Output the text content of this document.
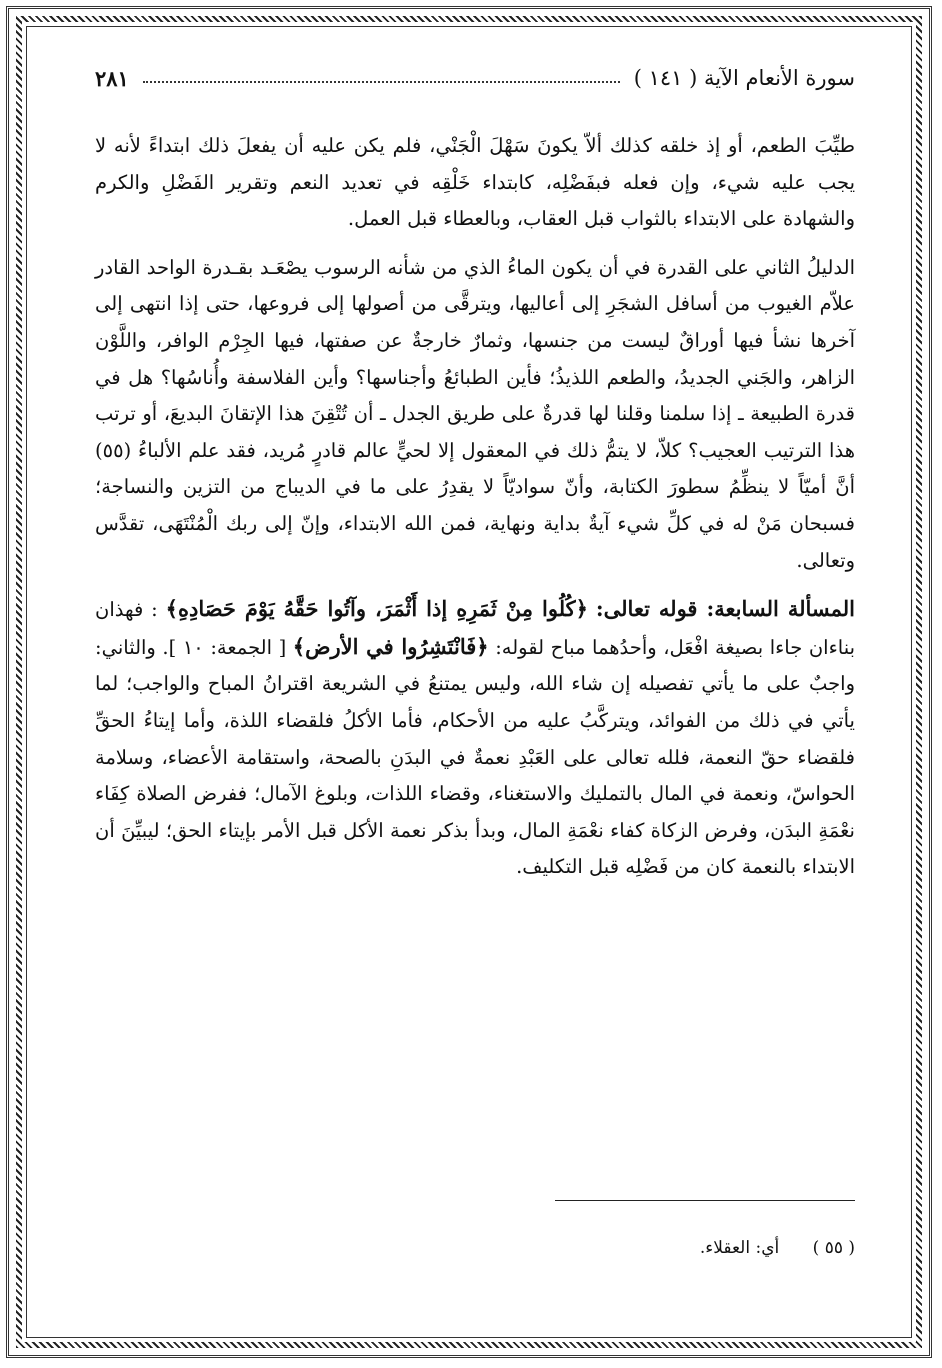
سورة الأنعام الآية ( ١٤١ )
٢٨١

طيِّبَ الطعم، أو إذ خلقه كذلك ألاّ يكونَ سَهْلَ الْجَنْي، فلم يكن عليه أن يفعلَ ذلك ابتداءً لأنه لا يجب عليه شيء، وإن فعله فبفَضْلِه، كابتداء خَلْقِه في تعديد النعم وتقرير الفَضْلِ والكرم والشهادة على الابتداء بالثواب قبل العقاب، وبالعطاء قبل العمل.

الدليلُ الثاني على القدرة في أن يكون الماءُ الذي من شأنه الرسوب يصْعَـد بقـدرة الواحد القادر علاّم الغيوب من أسافل الشجَرِ إلى أعاليها، ويترقَّى من أصولها إلى فروعها، حتى إذا انتهى إلى آخرها نشأ فيها أوراقٌ ليست من جنسها، وثمارٌ خارجةٌ عن صفتها، فيها الجِرْم الوافر، واللَّوْن الزاهر، والجَني الجديدُ، والطعم اللذيذُ؛ فأين الطبائعُ وأجناسها؟ وأين الفلاسفة وأُناسُها؟ هل في قدرة الطبيعة ـ إذا سلمنا وقلنا لها قدرةٌ على طريق الجدل ـ أن تُتْقِنَ هذا الإتقانَ البديعَ، أو ترتب هذا الترتيب العجيب؟ كلاّ، لا يتمُّ ذلك في المعقول إلا لحيٍّ عالم قادرٍ مُريد، فقد علم الألباءُ (٥٥) أنَّ أميّاً لا ينظِّمُ سطورَ الكتابة، وأنّ سواديّاً لا يقدِرُ على ما في الديباج من التزين والنساجة؛ فسبحان مَنْ له في كلِّ شيء آيةٌ بداية ونهاية، فمن الله الابتداء، وإنّ إلى ربك الْمُنْتَهَى، تقدَّس وتعالى.

المسألة السابعة: قوله تعالى: ﴿كُلُوا مِنْ ثَمَرِهِ إذا أَثْمَرَ، وآتُوا حَقَّهُ يَوْمَ حَصَادِهِ﴾ : فهذان بناءان جاءا بصيغة افْعَل، وأحدُهما مباح لقوله: ﴿فَانْتَشِرُوا في الأرض﴾ [ الجمعة: ١٠ ]. والثاني: واجبٌ على ما يأتي تفصيله إن شاء الله، وليس يمتنعُ في الشريعة اقترانُ المباح والواجب؛ لما يأتي في ذلك من الفوائد، ويتركَّبُ عليه من الأحكام، فأما الأكلُ فلقضاء اللذة، وأما إيتاءُ الحقِّ فلقضاء حقّ النعمة، فلله تعالى على العَبْدِ نعمةٌ في البدَنِ بالصحة، واستقامة الأعضاء، وسلامة الحواسّ، ونعمة في المال بالتمليك والاستغناء، وقضاء اللذات، وبلوغ الآمال؛ ففرض الصلاة كِفَاء نعْمَةِ البدَن، وفرض الزكاة كفاء نعْمَةِ المال، وبدأ بذكر نعمة الأكل قبل الأمر بإيتاء الحق؛ ليبيِّنَ أن الابتداء بالنعمة كان من فَضْلِه قبل التكليف.

( ٥٥ ) أي: العقلاء.
